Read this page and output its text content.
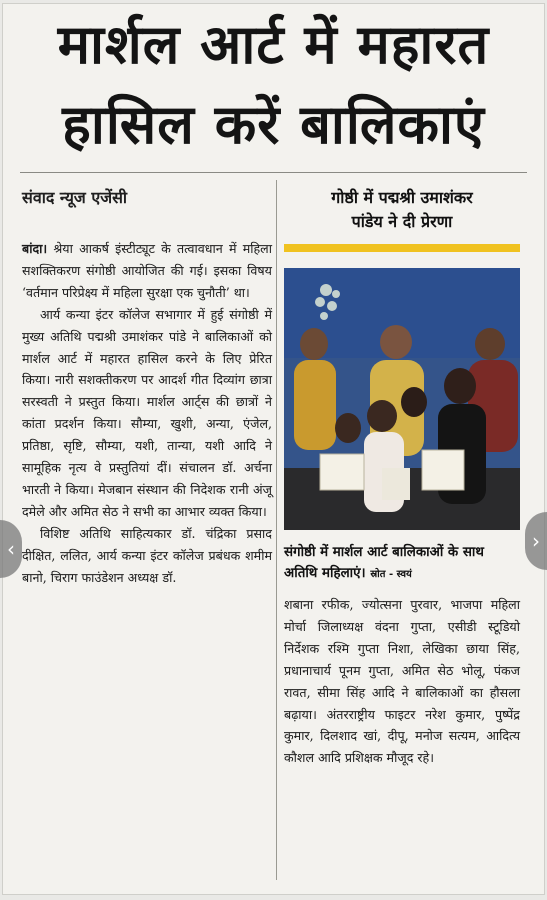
मार्शल आर्ट में महारत
हासिल करें बालिकाएं
संवाद न्यूज एजेंसी	गोष्ठी में पद्मश्री उमाशंकर
पांडेय ने दी प्रेरणा

बांदा। श्रेया आकर्ष इंस्टीट्यूट के तत्वावधान में महिला सशक्तिकरण संगोष्ठी आयोजित की गई। इसका विषय ‘वर्तमान परिप्रेक्ष्य में महिला सुरक्षा एक चुनौती’ था।

आर्य कन्या इंटर कॉलेज सभागार में हुई संगोष्ठी में मुख्य अतिथि पद्मश्री उमाशंकर पांडे ने बालिकाओं को मार्शल आर्ट में महारत हासिल करने के लिए प्रेरित किया। नारी सशक्तीकरण पर आदर्श गीत दिव्यांग छात्रा सरस्वती ने प्रस्तुत किया। मार्शल आर्ट्स की छात्रों ने कांता प्रदर्शन किया। सौम्या, खुशी, अन्या, एंजेल, प्रतिष्ठा, सृष्टि, सौम्या, यशी, तान्या, यशी आदि ने सामूहिक नृत्य वे प्रस्तुतियां दीं। संचालन डॉ. अर्चना भारती ने किया। मेजबान संस्थान की निदेशक रानी अंजू दमेले और अमित सेठ ने सभी का आभार व्यक्त किया।

विशिष्ट अतिथि साहित्यकार डॉ. चंद्रिका प्रसाद दीक्षित, ललित, आर्य कन्या इंटर कॉलेज प्रबंधक शमीम बानो, चिराग फाउंडेशन अध्यक्ष डॉ.

संगोष्ठी में मार्शल आर्ट बालिकाओं के साथ अतिथि महिलाएं। स्रोत - स्वयं

शबाना रफीक, ज्योत्सना पुरवार, भाजपा महिला मोर्चा जिलाध्यक्ष वंदना गुप्ता, एसीडी स्टूडियो निर्देशक रश्मि गुप्ता निशा, लेखिका छाया सिंह, प्रधानाचार्य पूनम गुप्ता, अमित सेठ भोलू, पंकज रावत, सीमा सिंह आदि ने बालिकाओं का हौसला बढ़ाया। अंतरराष्ट्रीय फाइटर नरेश कुमार, पुष्पेंद्र कुमार, दिलशाद खां, दीपू, मनोज सत्यम, आदित्य कौशल आदि प्रशिक्षक मौजूद रहे।

‹	›
